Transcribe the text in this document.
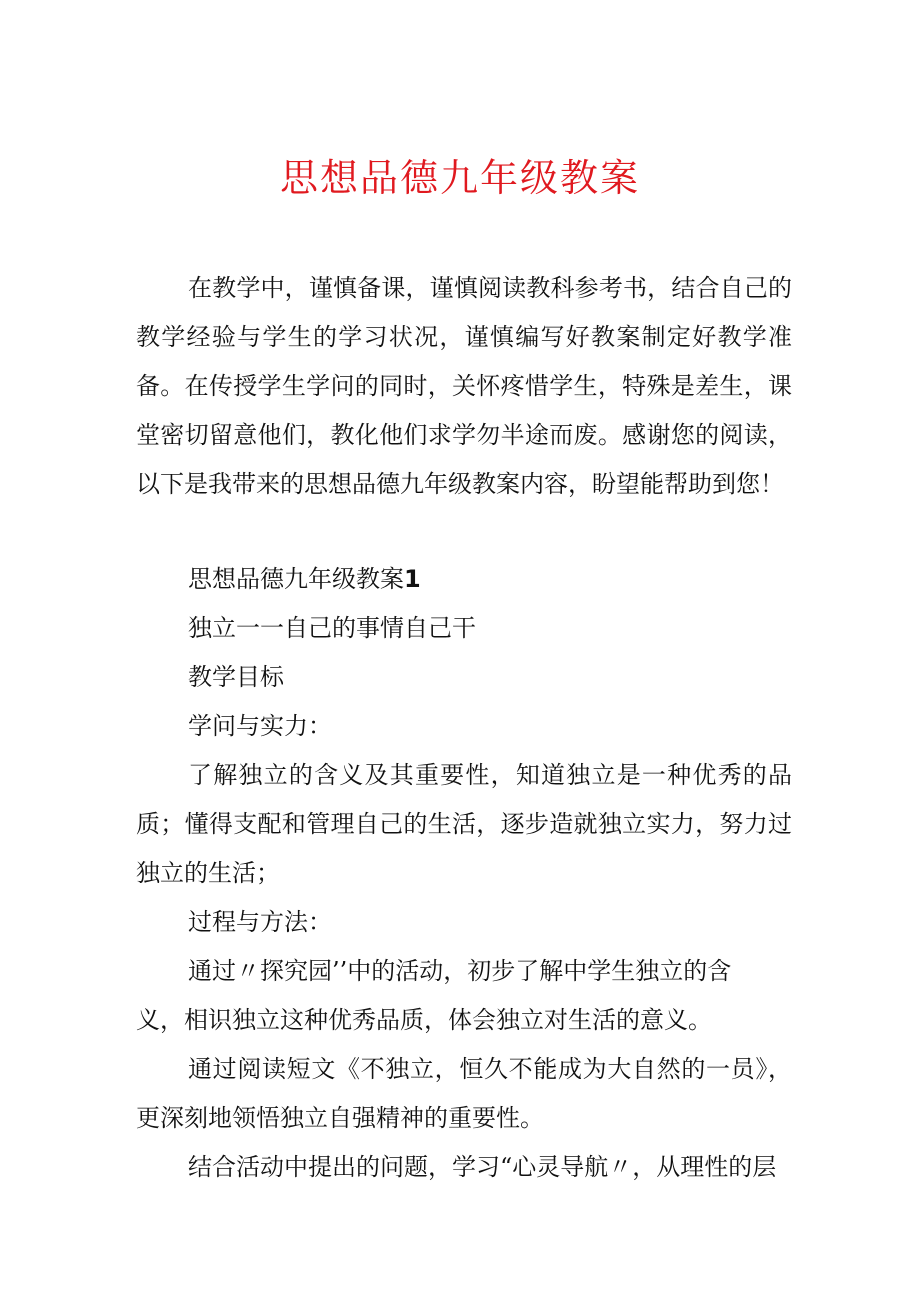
思想品德九年级教案

在教学中，谨慎备课，谨慎阅读教科参考书，结合自己的教学经验与学生的学习状况，谨慎编写好教案制定好教学准备。在传授学生学问的同时，关怀疼惜学生，特殊是差生，课堂密切留意他们，教化他们求学勿半途而废。感谢您的阅读，以下是我带来的思想品德九年级教案内容，盼望能帮助到您！

思想品德九年级教案1

独立一一自己的事情自己干

教学目标

学问与实力：

了解独立的含义及其重要性，知道独立是一种优秀的品质；懂得支配和管理自己的生活，逐步造就独立实力，努力过独立的生活；

过程与方法：

通过〃探究园’’中的活动，初步了解中学生独立的含

义，相识独立这种优秀品质，体会独立对生活的意义。

通过阅读短文《不独立，恒久不能成为大自然的一员》，更深刻地领悟独立自强精神的重要性。

结合活动中提出的问题，学习“心灵导航〃，从理性的层
